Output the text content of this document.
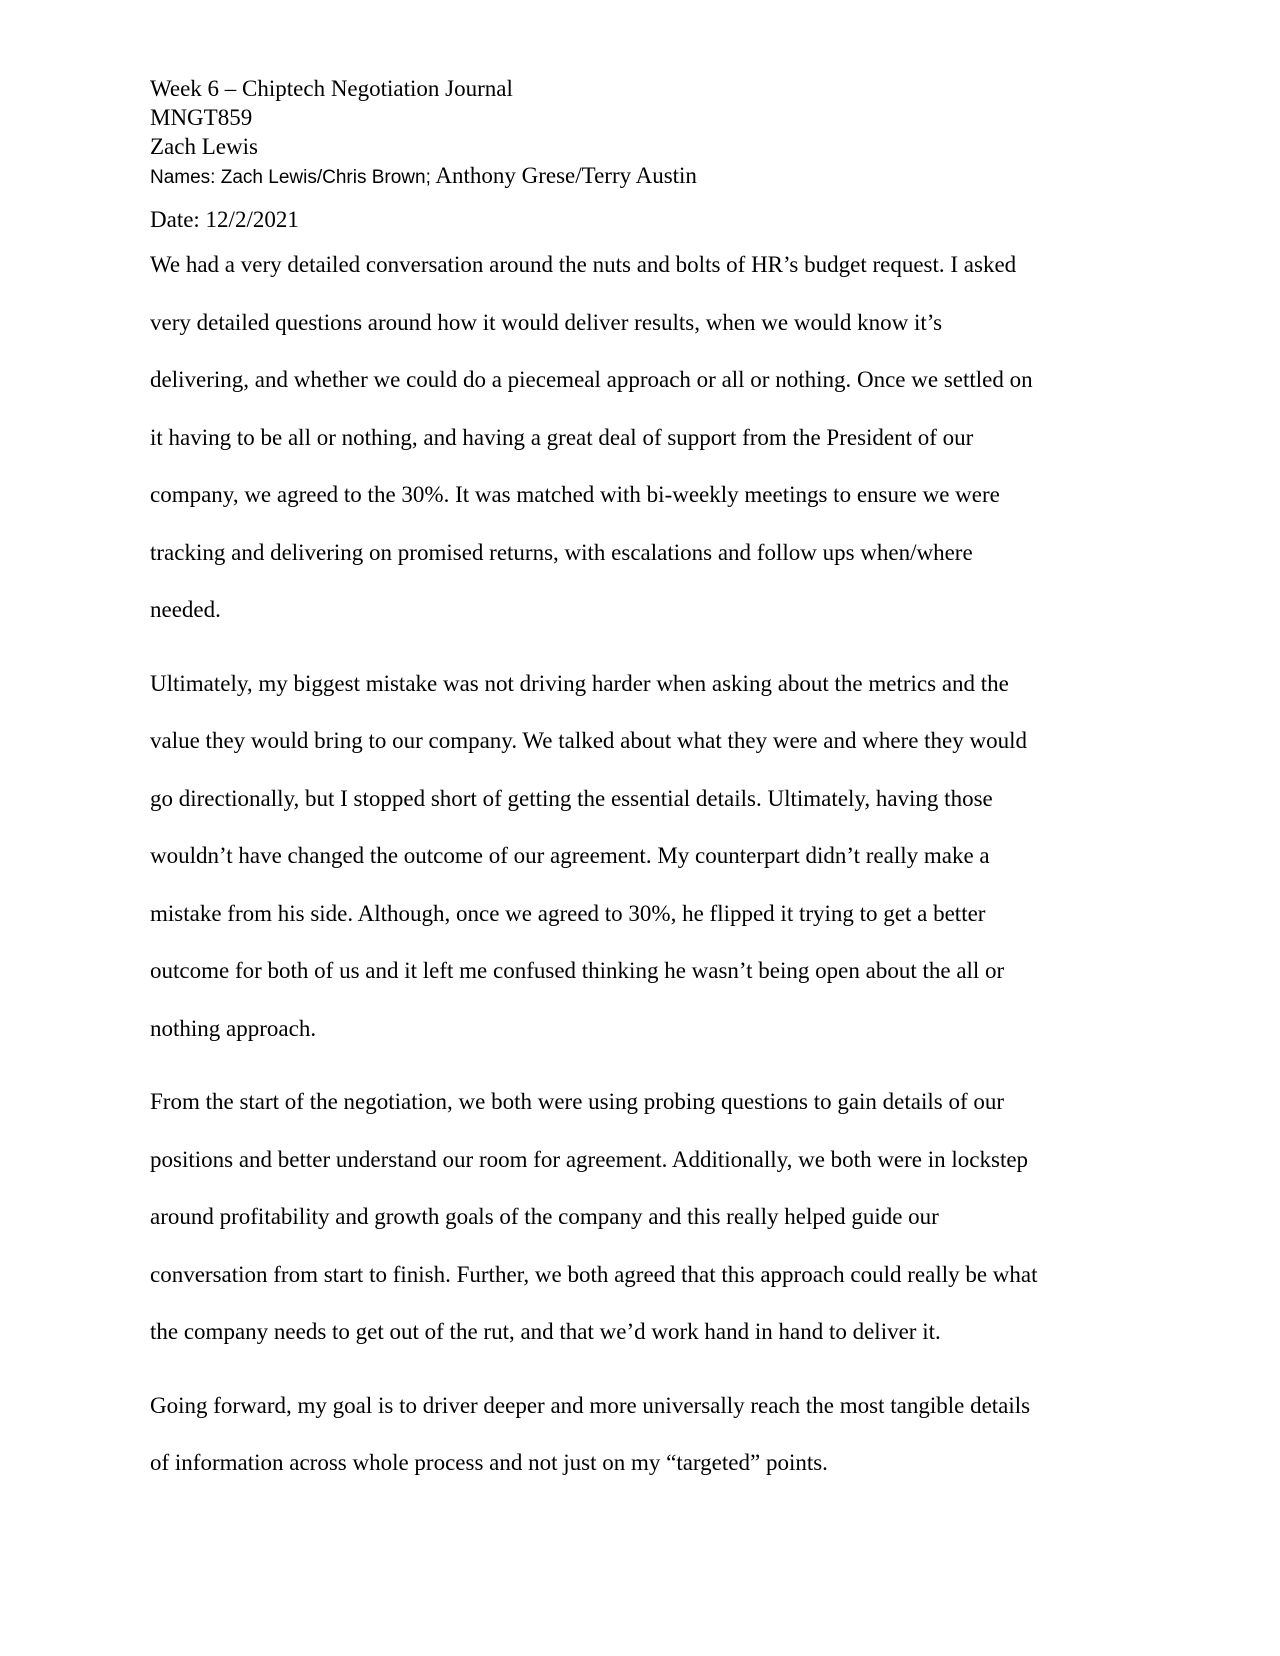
Week 6 – Chiptech Negotiation Journal
MNGT859
Zach Lewis
Names: Zach Lewis/Chris Brown; Anthony Grese/Terry Austin
Date: 12/2/2021
We had a very detailed conversation around the nuts and bolts of HR’s budget request. I asked
very detailed questions around how it would deliver results, when we would know it’s
delivering, and whether we could do a piecemeal approach or all or nothing. Once we settled on
it having to be all or nothing, and having a great deal of support from the President of our
company, we agreed to the 30%. It was matched with bi-weekly meetings to ensure we were
tracking and delivering on promised returns, with escalations and follow ups when/where
needed.
Ultimately, my biggest mistake was not driving harder when asking about the metrics and the
value they would bring to our company. We talked about what they were and where they would
go directionally, but I stopped short of getting the essential details. Ultimately, having those
wouldn’t have changed the outcome of our agreement. My counterpart didn’t really make a
mistake from his side. Although, once we agreed to 30%, he flipped it trying to get a better
outcome for both of us and it left me confused thinking he wasn’t being open about the all or
nothing approach.
From the start of the negotiation, we both were using probing questions to gain details of our
positions and better understand our room for agreement. Additionally, we both were in lockstep
around profitability and growth goals of the company and this really helped guide our
conversation from start to finish. Further, we both agreed that this approach could really be what
the company needs to get out of the rut, and that we’d work hand in hand to deliver it.
Going forward, my goal is to driver deeper and more universally reach the most tangible details
of information across whole process and not just on my “targeted” points.
